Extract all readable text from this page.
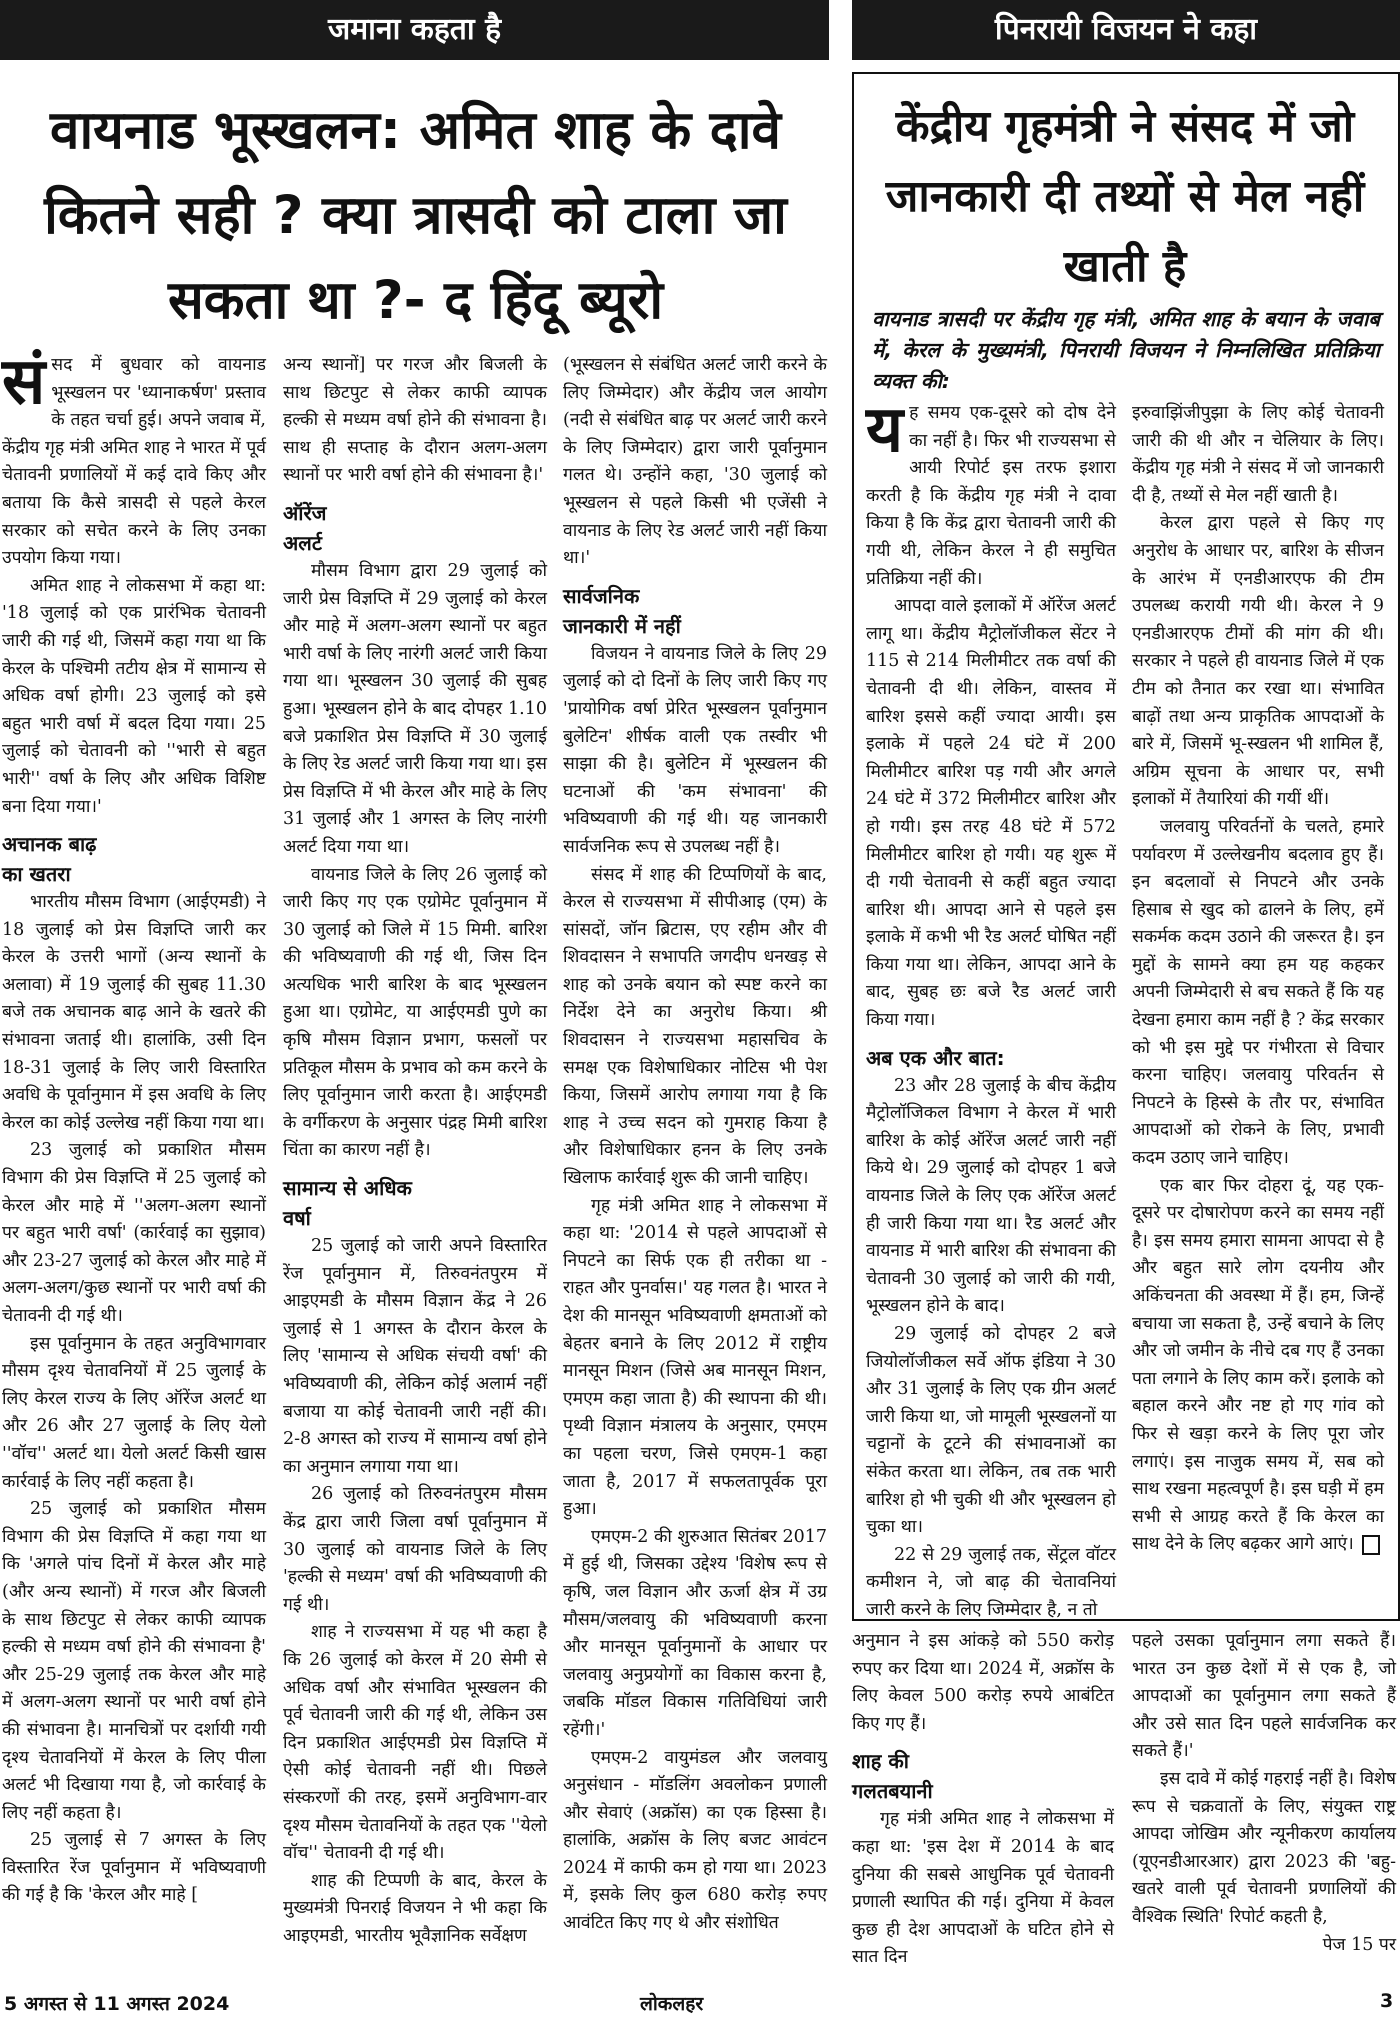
जमाना कहता है	पिनरायी विजयन ने कहा
वायनाड भूस्खलन: अमित शाह के दावे कितने सही ? क्या त्रासदी को टाला जा सकता था ?- द हिंदू ब्यूरो
केंद्रीय गृहमंत्री ने संसद में जो जानकारी दी तथ्यों से मेल नहीं खाती है
वायनाड त्रासदी पर केंद्रीय गृह मंत्री, अमित शाह के बयान के जवाब में, केरल के मुख्यमंत्री, पिनरायी विजयन ने निम्नलिखित प्रतिक्रिया व्यक्त की:

संसद में बुधवार को वायनाड भूस्खलन पर 'ध्यानाकर्षण' प्रस्ताव के तहत चर्चा हुई। अपने जवाब में, केंद्रीय गृह मंत्री अमित शाह ने भारत में पूर्व चेतावनी प्रणालियों में कई दावे किए और बताया कि कैसे त्रासदी से पहले केरल सरकार को सचेत करने के लिए उनका उपयोग किया गया।

अमित शाह ने लोकसभा में कहा था: '18 जुलाई को एक प्रारंभिक चेतावनी जारी की गई थी, जिसमें कहा गया था कि केरल के पश्चिमी तटीय क्षेत्र में सामान्य से अधिक वर्षा होगी। 23 जुलाई को इसे बहुत भारी वर्षा में बदल दिया गया। 25 जुलाई को चेतावनी को ''भारी से बहुत भारी'' वर्षा के लिए और अधिक विशिष्ट बना दिया गया।'

अचानक बाढ़
का खतरा

भारतीय मौसम विभाग (आईएमडी) ने 18 जुलाई को प्रेस विज्ञप्ति जारी कर केरल के उत्तरी भागों (अन्य स्थानों के अलावा) में 19 जुलाई की सुबह 11.30 बजे तक अचानक बाढ़ आने के खतरे की संभावना जताई थी। हालांकि, उसी दिन 18-31 जुलाई के लिए जारी विस्तारित अवधि के पूर्वानुमान में इस अवधि के लिए केरल का कोई उल्लेख नहीं किया गया था।

23 जुलाई को प्रकाशित मौसम विभाग की प्रेस विज्ञप्ति में 25 जुलाई को केरल और माहे में ''अलग-अलग स्थानों पर बहुत भारी वर्षा' (कार्रवाई का सुझाव) और 23-27 जुलाई को केरल और माहे में अलग-अलग/कुछ स्थानों पर भारी वर्षा की चेतावनी दी गई थी।

इस पूर्वानुमान के तहत अनुविभागवार मौसम दृश्य चेतावनियों में 25 जुलाई के लिए केरल राज्य के लिए ऑरेंज अलर्ट था और 26 और 27 जुलाई के लिए येलो ''वॉच'' अलर्ट था। येलो अलर्ट किसी खास कार्रवाई के लिए नहीं कहता है।

25 जुलाई को प्रकाशित मौसम विभाग की प्रेस विज्ञप्ति में कहा गया था कि 'अगले पांच दिनों में केरल और माहे (और अन्य स्थानों) में गरज और बिजली के साथ छिटपुट से लेकर काफी व्यापक हल्की से मध्यम वर्षा होने की संभावना है' और 25-29 जुलाई तक केरल और माहे में अलग-अलग स्थानों पर भारी वर्षा होने की संभावना है। मानचित्रों पर दर्शायी गयी दृश्य चेतावनियों में केरल के लिए पीला अलर्ट भी दिखाया गया है, जो कार्रवाई के लिए नहीं कहता है।

25 जुलाई से 7 अगस्त के लिए विस्तारित रेंज पूर्वानुमान में भविष्यवाणी की गई है कि 'केरल और माहे [

अन्य स्थानों] पर गरज और बिजली के साथ छिटपुट से लेकर काफी व्यापक हल्की से मध्यम वर्षा होने की संभावना है। साथ ही सप्ताह के दौरान अलग-अलग स्थानों पर भारी वर्षा होने की संभावना है।'

ऑरेंज
अलर्ट

मौसम विभाग द्वारा 29 जुलाई को जारी प्रेस विज्ञप्ति में 29 जुलाई को केरल और माहे में अलग-अलग स्थानों पर बहुत भारी वर्षा के लिए नारंगी अलर्ट जारी किया गया था। भूस्खलन 30 जुलाई की सुबह हुआ। भूस्खलन होने के बाद दोपहर 1.10 बजे प्रकाशित प्रेस विज्ञप्ति में 30 जुलाई के लिए रेड अलर्ट जारी किया गया था। इस प्रेस विज्ञप्ति में भी केरल और माहे के लिए 31 जुलाई और 1 अगस्त के लिए नारंगी अलर्ट दिया गया था।

वायनाड जिले के लिए 26 जुलाई को जारी किए गए एक एग्रोमेट पूर्वानुमान में 30 जुलाई को जिले में 15 मिमी. बारिश की भविष्यवाणी की गई थी, जिस दिन अत्यधिक भारी बारिश के बाद भूस्खलन हुआ था। एग्रोमेट, या आईएमडी पुणे का कृषि मौसम विज्ञान प्रभाग, फसलों पर प्रतिकूल मौसम के प्रभाव को कम करने के लिए पूर्वानुमान जारी करता है। आईएमडी के वर्गीकरण के अनुसार पंद्रह मिमी बारिश चिंता का कारण नहीं है।

सामान्य से अधिक
वर्षा

25 जुलाई को जारी अपने विस्तारित रेंज पूर्वानुमान में, तिरुवनंतपुरम में आइएमडी के मौसम विज्ञान केंद्र ने 26 जुलाई से 1 अगस्त के दौरान केरल के लिए 'सामान्य से अधिक संचयी वर्षा' की भविष्यवाणी की, लेकिन कोई अलार्म नहीं बजाया या कोई चेतावनी जारी नहीं की। 2-8 अगस्त को राज्य में सामान्य वर्षा होने का अनुमान लगाया गया था।

26 जुलाई को तिरुवनंतपुरम मौसम केंद्र द्वारा जारी जिला वर्षा पूर्वानुमान में 30 जुलाई को वायनाड जिले के लिए 'हल्की से मध्यम' वर्षा की भविष्यवाणी की गई थी।

शाह ने राज्यसभा में यह भी कहा है कि 26 जुलाई को केरल में 20 सेमी से अधिक वर्षा और संभावित भूस्खलन की पूर्व चेतावनी जारी की गई थी, लेकिन उस दिन प्रकाशित आईएमडी प्रेस विज्ञप्ति में ऐसी कोई चेतावनी नहीं थी। पिछले संस्करणों की तरह, इसमें अनुविभाग-वार दृश्य मौसम चेतावनियों के तहत एक ''येलो वॉच'' चेतावनी दी गई थी।

शाह की टिप्पणी के बाद, केरल के मुख्यमंत्री पिनराई विजयन ने भी कहा कि आइएमडी, भारतीय भूवैज्ञानिक सर्वेक्षण

(भूस्खलन से संबंधित अलर्ट जारी करने के लिए जिम्मेदार) और केंद्रीय जल आयोग (नदी से संबंधित बाढ़ पर अलर्ट जारी करने के लिए जिम्मेदार) द्वारा जारी पूर्वानुमान गलत थे। उन्होंने कहा, '30 जुलाई को भूस्खलन से पहले किसी भी एजेंसी ने वायनाड के लिए रेड अलर्ट जारी नहीं किया था।'

सार्वजनिक
जानकारी में नहीं

विजयन ने वायनाड जिले के लिए 29 जुलाई को दो दिनों के लिए जारी किए गए 'प्रायोगिक वर्षा प्रेरित भूस्खलन पूर्वानुमान बुलेटिन' शीर्षक वाली एक तस्वीर भी साझा की है। बुलेटिन में भूस्खलन की घटनाओं की 'कम संभावना' की भविष्यवाणी की गई थी। यह जानकारी सार्वजनिक रूप से उपलब्ध नहीं है।

संसद में शाह की टिप्पणियों के बाद, केरल से राज्यसभा में सीपीआइ (एम) के सांसदों, जॉन ब्रिटास, एए रहीम और वी शिवदासन ने सभापति जगदीप धनखड़ से शाह को उनके बयान को स्पष्ट करने का निर्देश देने का अनुरोध किया। श्री शिवदासन ने राज्यसभा महासचिव के समक्ष एक विशेषाधिकार नोटिस भी पेश किया, जिसमें आरोप लगाया गया है कि शाह ने उच्च सदन को गुमराह किया है और विशेषाधिकार हनन के लिए उनके खिलाफ कार्रवाई शुरू की जानी चाहिए।

गृह मंत्री अमित शाह ने लोकसभा में कहा था: '2014 से पहले आपदाओं से निपटने का सिर्फ एक ही तरीका था - राहत और पुनर्वास।' यह गलत है। भारत ने देश की मानसून भविष्यवाणी क्षमताओं को बेहतर बनाने के लिए 2012 में राष्ट्रीय मानसून मिशन (जिसे अब मानसून मिशन, एमएम कहा जाता है) की स्थापना की थी। पृथ्वी विज्ञान मंत्रालय के अनुसार, एमएम का पहला चरण, जिसे एमएम-1 कहा जाता है, 2017 में सफलतापूर्वक पूरा हुआ।

एमएम-2 की शुरुआत सितंबर 2017 में हुई थी, जिसका उद्देश्य 'विशेष रूप से कृषि, जल विज्ञान और ऊर्जा क्षेत्र में उग्र मौसम/जलवायु की भविष्यवाणी करना और मानसून पूर्वानुमानों के आधार पर जलवायु अनुप्रयोगों का विकास करना है, जबकि मॉडल विकास गतिविधियां जारी रहेंगी।'

एमएम-2 वायुमंडल और जलवायु अनुसंधान - मॉडलिंग अवलोकन प्रणाली और सेवाएं (अक्रॉस) का एक हिस्सा है। हालांकि, अक्रॉस के लिए बजट आवंटन 2024 में काफी कम हो गया था। 2023 में, इसके लिए कुल 680 करोड़ रुपए आवंटित किए गए थे और संशोधित

यह समय एक-दूसरे को दोष देने का नहीं है। फिर भी राज्यसभा से आयी रिपोर्ट इस तरफ इशारा करती है कि केंद्रीय गृह मंत्री ने दावा किया है कि केंद्र द्वारा चेतावनी जारी की गयी थी, लेकिन केरल ने ही समुचित प्रतिक्रिया नहीं की।

आपदा वाले इलाकों में ऑरेंज अलर्ट लागू था। केंद्रीय मैट्रोलॉजीकल सेंटर ने 115 से 214 मिलीमीटर तक वर्षा की चेतावनी दी थी। लेकिन, वास्तव में बारिश इससे कहीं ज्यादा आयी। इस इलाके में पहले 24 घंटे में 200 मिलीमीटर बारिश पड़ गयी और अगले 24 घंटे में 372 मिलीमीटर बारिश और हो गयी। इस तरह 48 घंटे में 572 मिलीमीटर बारिश हो गयी। यह शुरू में दी गयी चेतावनी से कहीं बहुत ज्यादा बारिश थी। आपदा आने से पहले इस इलाके में कभी भी रैड अलर्ट घोषित नहीं किया गया था। लेकिन, आपदा आने के बाद, सुबह छः बजे रैड अलर्ट जारी किया गया।

अब एक और बात:

23 और 28 जुलाई के बीच केंद्रीय मैट्रोलॉजिकल विभाग ने केरल में भारी बारिश के कोई ऑरेंज अलर्ट जारी नहीं किये थे। 29 जुलाई को दोपहर 1 बजे वायनाड जिले के लिए एक ऑरेंज अलर्ट ही जारी किया गया था। रैड अलर्ट और वायनाड में भारी बारिश की संभावना की चेतावनी 30 जुलाई को जारी की गयी, भूस्खलन होने के बाद।

29 जुलाई को दोपहर 2 बजे जियोलॉजीकल सर्वे ऑफ इंडिया ने 30 और 31 जुलाई के लिए एक ग्रीन अलर्ट जारी किया था, जो मामूली भूस्खलनों या चट्टानों के टूटने की संभावनाओं का संकेत करता था। लेकिन, तब तक भारी बारिश हो भी चुकी थी और भूस्खलन हो चुका था।

22 से 29 जुलाई तक, सेंट्रल वॉटर कमीशन ने, जो बाढ़ की चेतावनियां जारी करने के लिए जिम्मेदार है, न तो

इरुवाझिंजीपुझा के लिए कोई चेतावनी जारी की थी और न चेलियार के लिए। केंद्रीय गृह मंत्री ने संसद में जो जानकारी दी है, तथ्यों से मेल नहीं खाती है।

केरल द्वारा पहले से किए गए अनुरोध के आधार पर, बारिश के सीजन के आरंभ में एनडीआरएफ की टीम उपलब्ध करायी गयी थी। केरल ने 9 एनडीआरएफ टीमों की मांग की थी। सरकार ने पहले ही वायनाड जिले में एक टीम को तैनात कर रखा था। संभावित बाढ़ों तथा अन्य प्राकृतिक आपदाओं के बारे में, जिसमें भू-स्खलन भी शामिल हैं, अग्रिम सूचना के आधार पर, सभी इलाकों में तैयारियां की गयीं थीं।

जलवायु परिवर्तनों के चलते, हमारे पर्यावरण में उल्लेखनीय बदलाव हुए हैं। इन बदलावों से निपटने और उनके हिसाब से खुद को ढालने के लिए, हमें सकर्मक कदम उठाने की जरूरत है। इन मुद्दों के सामने क्या हम यह कहकर अपनी जिम्मेदारी से बच सकते हैं कि यह देखना हमारा काम नहीं है ? केंद्र सरकार को भी इस मुद्दे पर गंभीरता से विचार करना चाहिए। जलवायु परिवर्तन से निपटने के हिस्से के तौर पर, संभावित आपदाओं को रोकने के लिए, प्रभावी कदम उठाए जाने चाहिए।

एक बार फिर दोहरा दूं, यह एक-दूसरे पर दोषारोपण करने का समय नहीं है। इस समय हमारा सामना आपदा से है और बहुत सारे लोग दयनीय और अकिंचनता की अवस्था में हैं। हम, जिन्हें बचाया जा सकता है, उन्हें बचाने के लिए और जो जमीन के नीचे दब गए हैं उनका पता लगाने के लिए काम करें। इलाके को बहाल करने और नष्ट हो गए गांव को फिर से खड़ा करने के लिए पूरा जोर लगाएं। इस नाजुक समय में, सब को साथ रखना महत्वपूर्ण है। इस घड़ी में हम सभी से आग्रह करते हैं कि केरल का साथ देने के लिए बढ़कर आगे आएं।

अनुमान ने इस आंकड़े को 550 करोड़ रुपए कर दिया था। 2024 में, अक्रॉस के लिए केवल 500 करोड़ रुपये आबंटित किए गए हैं।

शाह की
गलतबयानी

गृह मंत्री अमित शाह ने लोकसभा में कहा था: 'इस देश में 2014 के बाद दुनिया की सबसे आधुनिक पूर्व चेतावनी प्रणाली स्थापित की गई। दुनिया में केवल कुछ ही देश आपदाओं के घटित होने से सात दिन

पहले उसका पूर्वानुमान लगा सकते हैं। भारत उन कुछ देशों में से एक है, जो आपदाओं का पूर्वानुमान लगा सकते हैं और उसे सात दिन पहले सार्वजनिक कर सकते हैं।'

इस दावे में कोई गहराई नहीं है। विशेष रूप से चक्रवातों के लिए, संयुक्त राष्ट्र आपदा जोखिम और न्यूनीकरण कार्यालय (यूएनडीआरआर) द्वारा 2023 की 'बहु-खतरे वाली पूर्व चेतावनी प्रणालियों की वैश्विक स्थिति' रिपोर्ट कहती है,

पेज 15 पर

5 अगस्त से 11 अगस्त 2024	लोकलहर	3
